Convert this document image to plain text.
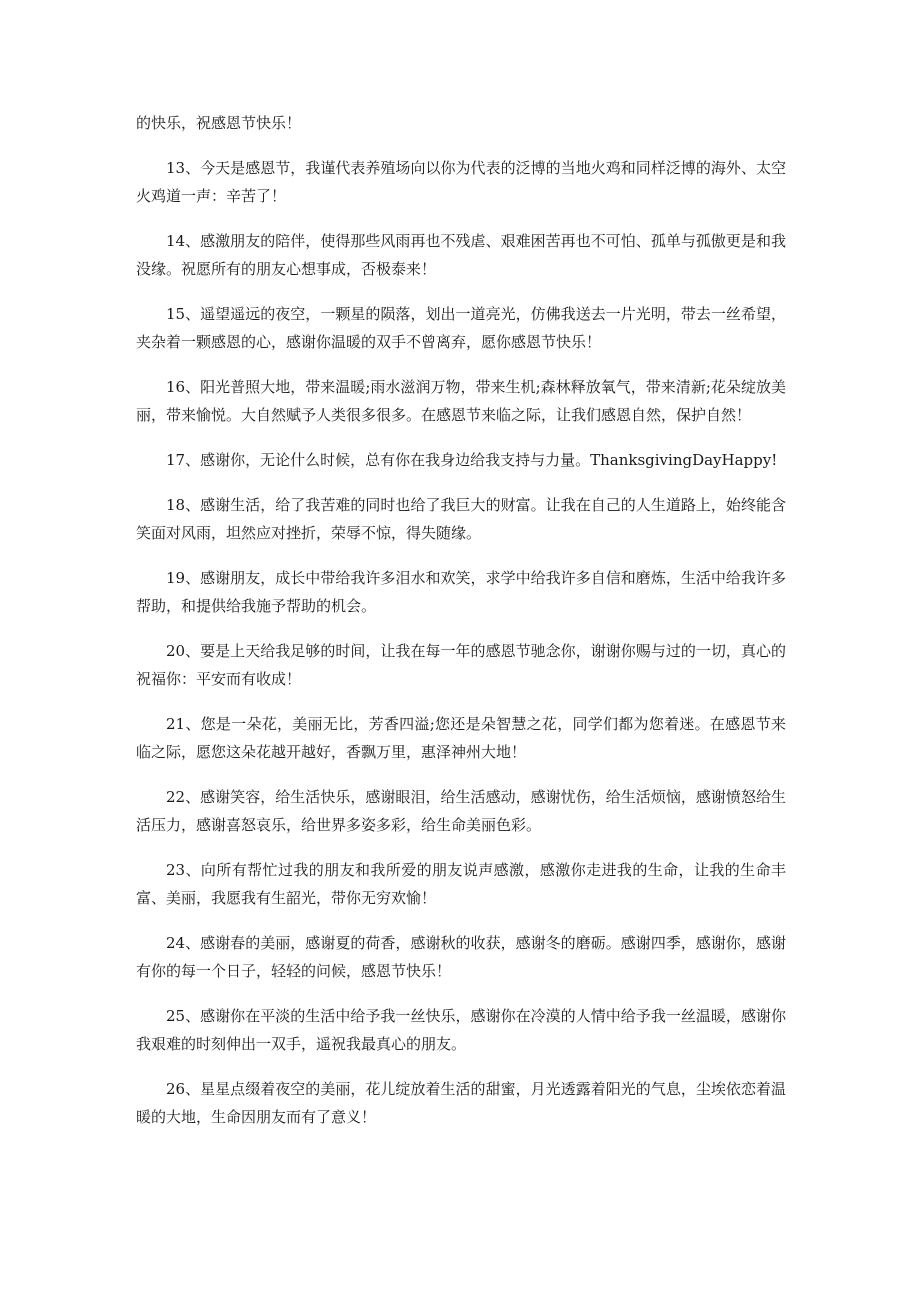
的快乐，祝感恩节快乐！

13、今天是感恩节，我谨代表养殖场向以你为代表的泛博的当地火鸡和同样泛博的海外、太空火鸡道一声：辛苦了！

14、感激朋友的陪伴，使得那些风雨再也不残虐、艰难困苦再也不可怕、孤单与孤傲更是和我没缘。祝愿所有的朋友心想事成，否极泰来！

15、遥望遥远的夜空，一颗星的陨落，划出一道亮光，仿佛我送去一片光明，带去一丝希望，夹杂着一颗感恩的心，感谢你温暖的双手不曾离弃，愿你感恩节快乐！

16、阳光普照大地，带来温暖;雨水滋润万物，带来生机;森林释放氧气，带来清新;花朵绽放美丽，带来愉悦。大自然赋予人类很多很多。在感恩节来临之际，让我们感恩自然，保护自然！

17、感谢你，无论什么时候，总有你在我身边给我支持与力量。ThanksgivingDayHappy!

18、感谢生活，给了我苦难的同时也给了我巨大的财富。让我在自己的人生道路上，始终能含笑面对风雨，坦然应对挫折，荣辱不惊，得失随缘。

19、感谢朋友，成长中带给我许多泪水和欢笑，求学中给我许多自信和磨炼，生活中给我许多帮助，和提供给我施予帮助的机会。

20、要是上天给我足够的时间，让我在每一年的感恩节驰念你，谢谢你赐与过的一切，真心的祝福你：平安而有收成！

21、您是一朵花，美丽无比，芳香四溢;您还是朵智慧之花，同学们都为您着迷。在感恩节来临之际，愿您这朵花越开越好，香飘万里，惠泽神州大地！

22、感谢笑容，给生活快乐，感谢眼泪，给生活感动，感谢忧伤，给生活烦恼，感谢愤怒给生活压力，感谢喜怒哀乐，给世界多姿多彩，给生命美丽色彩。

23、向所有帮忙过我的朋友和我所爱的朋友说声感激，感激你走进我的生命，让我的生命丰富、美丽，我愿我有生韶光，带你无穷欢愉！

24、感谢春的美丽，感谢夏的荷香，感谢秋的收获，感谢冬的磨砺。感谢四季，感谢你，感谢有你的每一个日子，轻轻的问候，感恩节快乐！

25、感谢你在平淡的生活中给予我一丝快乐，感谢你在冷漠的人情中给予我一丝温暖，感谢你我艰难的时刻伸出一双手，遥祝我最真心的朋友。

26、星星点缀着夜空的美丽，花儿绽放着生活的甜蜜，月光透露着阳光的气息，尘埃依恋着温暖的大地，生命因朋友而有了意义！
